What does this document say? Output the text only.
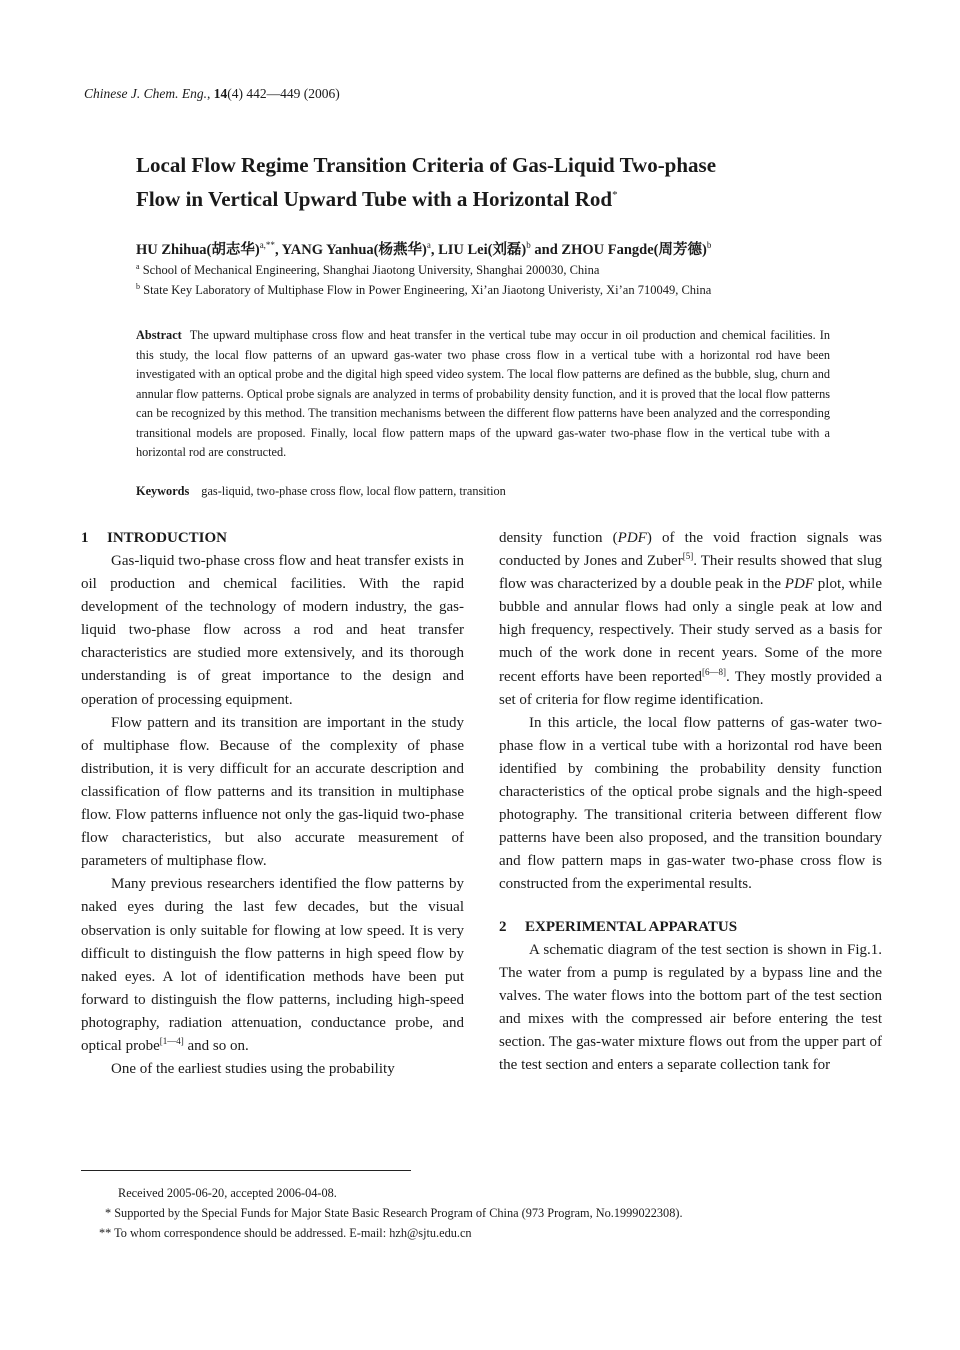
Chinese J. Chem. Eng., 14(4) 442—449 (2006)
Local Flow Regime Transition Criteria of Gas-Liquid Two-phase
Flow in Vertical Upward Tube with a Horizontal Rod*
HU Zhihua(胡志华)$^{a,**}$, YANG Yanhua(杨燕华)$^a$, LIU Lei(刘磊)$^b$ and ZHOU Fangde(周芳德)$^b$
$^a$ School of Mechanical Engineering, Shanghai Jiaotong University, Shanghai 200030, China
$^b$ State Key Laboratory of Multiphase Flow in Power Engineering, Xi’an Jiaotong Univeristy, Xi’an 710049, China
Abstract The upward multiphase cross flow and heat transfer in the vertical tube may occur in oil production and chemical facilities. In this study, the local flow patterns of an upward gas-water two phase cross flow in a vertical tube with a horizontal rod have been investigated with an optical probe and the digital high speed video system. The local flow patterns are defined as the bubble, slug, churn and annular flow patterns. Optical probe signals are analyzed in terms of probability density function, and it is proved that the local flow patterns can be recognized by this method. The transition mechanisms between the different flow patterns have been analyzed and the corresponding transitional models are proposed. Finally, local flow pattern maps of the upward gas-water two-phase flow in the vertical tube with a horizontal rod are constructed.
Keywords gas-liquid, two-phase cross flow, local flow pattern, transition
1 INTRODUCTION

Gas-liquid two-phase cross flow and heat transfer exists in oil production and chemical facilities. With the rapid development of the technology of modern industry, the gas-liquid two-phase flow across a rod and heat transfer characteristics are studied more extensively, and its thorough understanding is of great importance to the design and operation of processing equipment.

Flow pattern and its transition are important in the study of multiphase flow. Because of the complexity of phase distribution, it is very difficult for an accurate description and classification of flow patterns and its transition in multiphase flow. Flow patterns influence not only the gas-liquid two-phase flow characteristics, but also accurate measurement of parameters of multiphase flow.

Many previous researchers identified the flow patterns by naked eyes during the last few decades, but the visual observation is only suitable for flowing at low speed. It is very difficult to distinguish the flow patterns in high speed flow by naked eyes. A lot of identification methods have been put forward to distinguish the flow patterns, including high-speed photography, radiation attenuation, conductance probe, and optical probe[1—4] and so on.

One of the earliest studies using the probability

Received 2005-06-20, accepted 2006-04-08.
* Supported by the Special Funds for Major State Basic Research Program of China (973 Program, No.1999022308).
** To whom correspondence should be addressed. E-mail: hzh@sjtu.edu.cn

density function (PDF) of the void fraction signals was conducted by Jones and Zuber[5]. Their results showed that slug flow was characterized by a double peak in the PDF plot, while bubble and annular flows had only a single peak at low and high frequency, respectively. Their study served as a basis for much of the work done in recent years. Some of the more recent efforts have been reported[6—8]. They mostly provided a set of criteria for flow regime identification.

In this article, the local flow patterns of gas-water two-phase flow in a vertical tube with a horizontal rod have been identified by combining the probability density function characteristics of the optical probe signals and the high-speed photography. The transitional criteria between different flow patterns have been also proposed, and the transition boundary and flow pattern maps in gas-water two-phase cross flow is constructed from the experimental results.

2 EXPERIMENTAL APPARATUS

A schematic diagram of the test section is shown in Fig.1. The water from a pump is regulated by a bypass line and the valves. The water flows into the bottom part of the test section and mixes with the compressed air before entering the test section. The gas-water mixture flows out from the upper part of the test section and enters a separate collection tank for
